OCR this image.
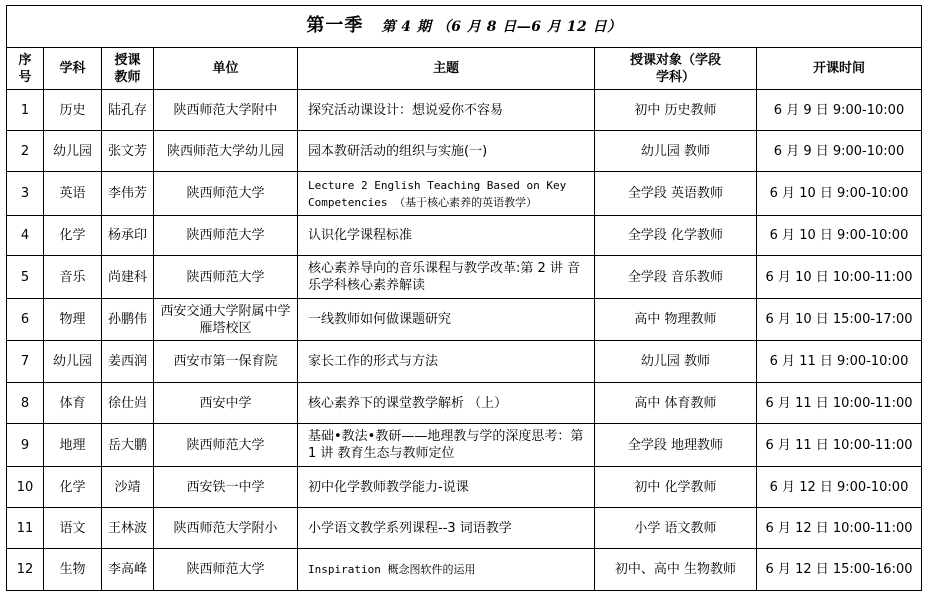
第一季 第 4 期 （6 月 8 日—6 月 12 日）						
序号	学科	授课教师	单位	主题	授课对象（学段学科）	开课时间
1	历史	陆孔存	陕西师范大学附中	探究活动课设计：想说爱你不容易	初中 历史教师	6 月 9 日 9:00-10:00
2	幼儿园	张文芳	陕西师范大学幼儿园	园本教研活动的组织与实施(一)	幼儿园 教师	6 月 9 日 9:00-10:00
3	英语	李伟芳	陕西师范大学	Lecture 2 English Teaching Based on Key Competencies （基于核心素养的英语教学）	全学段 英语教师	6 月 10 日 9:00-10:00
4	化学	杨承印	陕西师范大学	认识化学课程标准	全学段 化学教师	6 月 10 日 9:00-10:00
5	音乐	尚建科	陕西师范大学	核心素养导向的音乐课程与教学改革:第 2 讲 音乐学科核心素养解读	全学段 音乐教师	6 月 10 日 10:00-11:00
6	物理	孙鹏伟	西安交通大学附属中学雁塔校区	一线教师如何做课题研究	高中 物理教师	6 月 10 日 15:00-17:00
7	幼儿园	姜西润	西安市第一保育院	家长工作的形式与方法	幼儿园 教师	6 月 11 日 9:00-10:00
8	体育	徐仕岿	西安中学	核心素养下的课堂教学解析 （上）	高中 体育教师	6 月 11 日 10:00-11:00
9	地理	岳大鹏	陕西师范大学	基础•教法•教研——地理教与学的深度思考：第 1 讲 教育生态与教师定位	全学段 地理教师	6 月 11 日 10:00-11:00
10	化学	沙靖	西安铁一中学	初中化学教师教学能力-说课	初中 化学教师	6 月 12 日 9:00-10:00
11	语文	王林波	陕西师范大学附小	小学语文教学系列课程--3 词语教学	小学 语文教师	6 月 12 日 10:00-11:00
12	生物	李高峰	陕西师范大学	Inspiration 概念图软件的运用	初中、高中 生物教师	6 月 12 日 15:00-16:00
